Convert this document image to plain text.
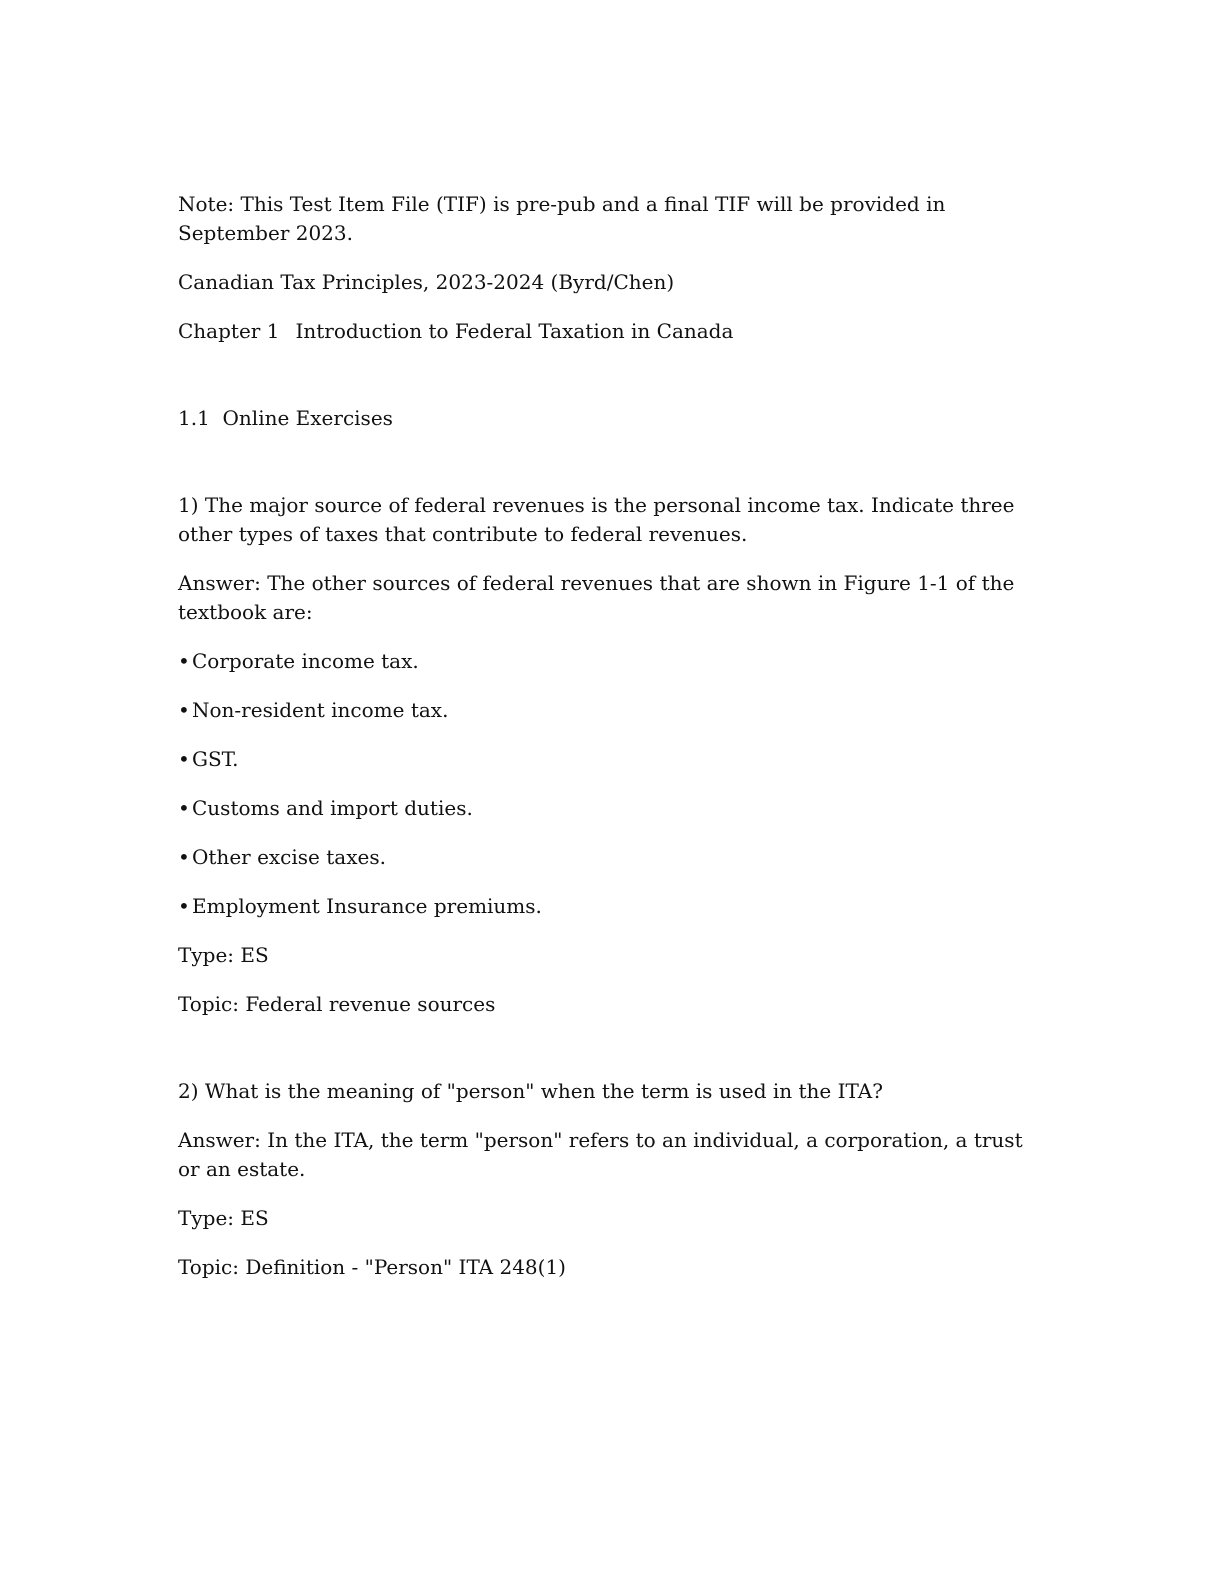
Note: This Test Item File (TIF) is pre-pub and a final TIF will be provided in September 2023.

Canadian Tax Principles, 2023-2024 (Byrd/Chen)

Chapter 1 Introduction to Federal Taxation in Canada

1.1 Online Exercises

1) The major source of federal revenues is the personal income tax. Indicate three other types of taxes that contribute to federal revenues.

Answer: The other sources of federal revenues that are shown in Figure 1-1 of the textbook are:

• Corporate income tax.
• Non-resident income tax.
• GST.
• Customs and import duties.
• Other excise taxes.
• Employment Insurance premiums.

Type: ES

Topic: Federal revenue sources

2) What is the meaning of "person" when the term is used in the ITA?

Answer: In the ITA, the term "person" refers to an individual, a corporation, a trust or an estate.

Type: ES

Topic: Definition - "Person" ITA 248(1)
